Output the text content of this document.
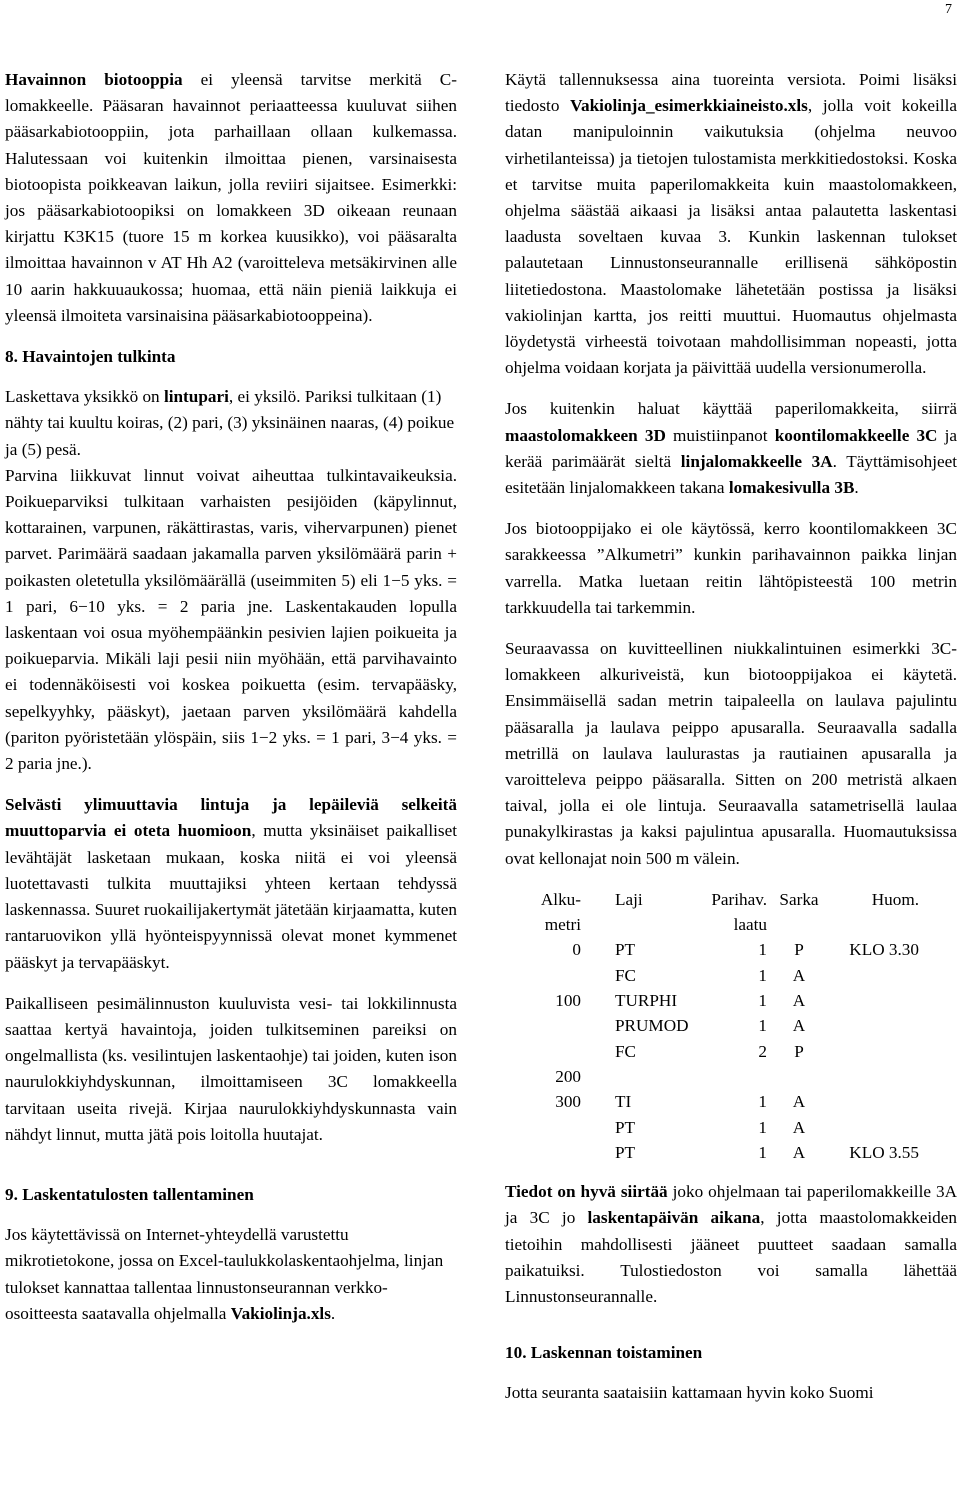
7

Havainnon biotooppia ei yleensä tarvitse merkitä C-lomakkeelle. Pääsaran havainnot periaatteessa kuuluvat siihen pääsarkabiotooppiin, jota parhaillaan ollaan kulkemassa. Halutessaan voi kuitenkin ilmoittaa pienen, varsinaisesta biotoopista poikkeavan laikun, jolla reviiri sijaitsee. Esimerkki: jos pääsarkabiotoopiksi on lomakkeen 3D oikeaan reunaan kirjattu K3K15 (tuore 15 m korkea kuusikko), voi pääsaralta ilmoittaa havainnon v AT Hh A2 (varoitteleva metsäkirvinen alle 10 aarin hakkuuaukossa; huomaa, että näin pieniä laikkuja ei yleensä ilmoiteta varsinaisina pääsarkabiotooppeina).

8. Havaintojen tulkinta

Laskettava yksikkö on lintupari, ei yksilö. Pariksi tulkitaan (1) nähty tai kuultu koiras, (2) pari, (3) yksinäinen naaras, (4) poikue ja (5) pesä.

Parvina liikkuvat linnut voivat aiheuttaa tulkintavaikeuksia. Poikueparviksi tulkitaan varhaisten pesijöiden (käpylinnut, kottarainen, varpunen, räkättirastas, varis, vihervarpunen) pienet parvet. Parimäärä saadaan jakamalla parven yksilömäärä parin + poikasten oletetulla yksilömäärällä (useimmiten 5) eli 1−5 yks. = 1 pari, 6−10 yks. = 2 paria jne. Laskentakauden lopulla laskentaan voi osua myöhempäänkin pesivien lajien poikueita ja poikueparvia. Mikäli laji pesii niin myöhään, että parvihavainto ei todennäköisesti voi koskea poikuetta (esim. tervapääsky, sepelkyyhky, pääskyt), jaetaan parven yksilömäärä kahdella (pariton pyöristetään ylöspäin, siis 1−2 yks. = 1 pari, 3−4 yks. = 2 paria jne.).

Selvästi ylimuuttavia lintuja ja lepäileviä selkeitä muuttoparvia ei oteta huomioon, mutta yksinäiset paikalliset levähtäjät lasketaan mukaan, koska niitä ei voi yleensä luotettavasti tulkita muuttajiksi yhteen kertaan tehdyssä laskennassa. Suuret ruokailijakertymät jätetään kirjaamatta, kuten rantaruovikon yllä hyönteispyynnissä olevat monet kymmenet pääskyt ja tervapääskyt.

Paikalliseen pesimälinnuston kuuluvista vesi- tai lokkilinnusta saattaa kertyä havaintoja, joiden tulkitseminen pareiksi on ongelmallista (ks. vesilintujen laskentaohje) tai joiden, kuten ison naurulokkiyhdyskunnan, ilmoittamiseen 3C lomakkeella tarvitaan useita rivejä. Kirjaa naurulokkiyhdyskunnasta vain nähdyt linnut, mutta jätä pois loitolla huutajat.

9. Laskentatulosten tallentaminen

Jos käytettävissä on Internet-yhteydellä varustettu mikrotietokone, jossa on Excel-taulukkolaskentaohjelma, linjan tulokset kannattaa tallentaa linnustonseurannan verkko-osoitteesta saatavalla ohjelmalla Vakiolinja.xls.

Käytä tallennuksessa aina tuoreinta versiota. Poimi lisäksi tiedosto Vakiolinja_esimerkkiaineisto.xls, jolla voit kokeilla datan manipuloinnin vaikutuksia (ohjelma neuvoo virhetilanteissa) ja tietojen tulostamista merkkitiedostoksi. Koska et tarvitse muita paperilomakkeita kuin maastolomakkeen, ohjelma säästää aikaasi ja lisäksi antaa palautetta laskentasi laadusta soveltaen kuvaa 3. Kunkin laskennan tulokset palautetaan Linnustonseurannalle erillisenä sähköpostin liitetiedostona. Maastolomake lähetetään postissa ja lisäksi vakiolinjan kartta, jos reitti muuttui. Huomautus ohjelmasta löydetystä virheestä toivotaan mahdollisimman nopeasti, jotta ohjelma voidaan korjata ja päivittää uudella versionumerolla.

Jos kuitenkin haluat käyttää paperilomakkeita, siirrä maastolomakkeen 3D muistiinpanot koontilomakkeelle 3C ja kerää parimäärät sieltä linjalomakkeelle 3A. Täyttämisohjeet esitetään linjalomakkeen takana lomakesivulla 3B.

Jos biotooppijako ei ole käytössä, kerro koontilomakkeen 3C sarakkeessa ”Alkumetri” kunkin parihavainnon paikka linjan varrella. Matka luetaan reitin lähtöpisteestä 100 metrin tarkkuudella tai tarkemmin.

Seuraavassa on kuvitteellinen niukkalintuinen esimerkki 3C-lomakkeen alkuriveistä, kun biotooppijakoa ei käytetä. Ensimmäisellä sadan metrin taipaleella on laulava pajulintu pääsaralla ja laulava peippo apusaralla. Seuraavalla sadalla metrillä on laulava laulurastas ja rautiainen apusaralla ja varoitteleva peippo pääsaralla. Sitten on 200 metristä alkaen taival, jolla ei ole lintuja. Seuraavalla satametrisellä laulaa punakylkirastas ja kaksi pajulintua apusaralla. Huomautuksissa ovat kellonajat noin 500 m välein.

Alku-	Laji	Parihav.	Sarka	Huom.
metri		laatu		
0	PT	1	P	KLO 3.30
	FC	1	A	
100	TURPHI	1	A	
	PRUMOD	1	A	
	FC	2	P	
200				
300	TI	1	A	
	PT	1	A	
	PT	1	A	KLO 3.55

Tiedot on hyvä siirtää joko ohjelmaan tai paperilomakkeille 3A ja 3C jo laskentapäivän aikana, jotta maastolomakkeiden tietoihin mahdollisesti jääneet puutteet saadaan samalla paikatuiksi. Tulostiedoston voi samalla lähettää Linnustonseurannalle.

10. Laskennan toistaminen

Jotta seuranta saataisiin kattamaan hyvin koko Suomi
